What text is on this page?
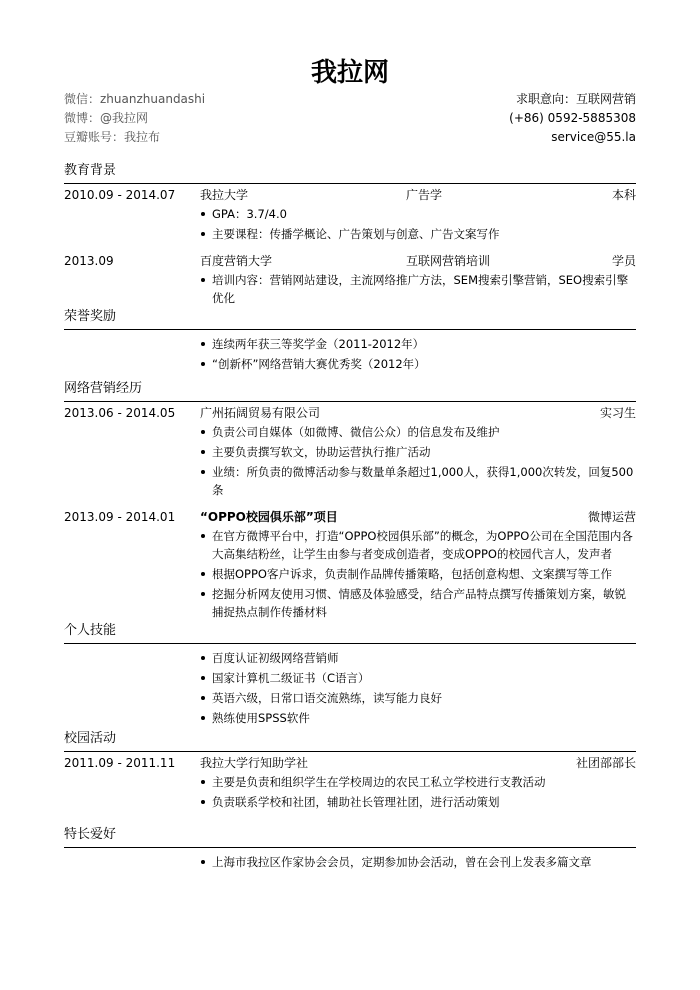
我拉网
微信：zhuanzhuandashi
微博：@我拉网
豆瓣账号：我拉布
求职意向：互联网营销
(+86) 0592-5885308
service@55.la
教育背景
2010.09 - 2014.07 我拉大学	广告学	本科
GPA：3.7/4.0
主要课程：传播学概论、广告策划与创意、广告文案写作
2013.09	百度营销大学	互联网营销培训	学员
培训内容：营销网站建设，主流网络推广方法，SEM搜索引擎营销，SEO搜索引擎优化
荣誉奖励
连续两年获三等奖学金（2011-2012年）
“创新杯”网络营销大赛优秀奖（2012年）
网络营销经历
2013.06 - 2014.05 广州拓阔贸易有限公司	实习生
负责公司自媒体（如微博、微信公众）的信息发布及维护
主要负责撰写软文，协助运营执行推广活动
业绩：所负责的微博活动参与数量单条超过1,000人，获得1,000次转发，回复500条
2013.09 - 2014.01 “OPPO校园俱乐部”项目	微博运营
在官方微博平台中，打造“OPPO校园俱乐部”的概念，为OPPO公司在全国范围内各大高集结粉丝，让学生由参与者变成创造者，变成OPPO的校园代言人，发声者
根据OPPO客户诉求，负责制作品牌传播策略，包括创意构想、文案撰写等工作
挖掘分析网友使用习惯、情感及体验感受，结合产品特点撰写传播策划方案，敏锐捕捉热点制作传播材料
个人技能
百度认证初级网络营销师
国家计算机二级证书（C语言）
英语六级，日常口语交流熟练，读写能力良好
熟练使用SPSS软件
校园活动
2011.09 - 2011.11 我拉大学行知助学社	社团部部长
主要是负责和组织学生在学校周边的农民工私立学校进行支教活动
负责联系学校和社团，辅助社长管理社团，进行活动策划
特长爱好
上海市我拉区作家协会会员，定期参加协会活动，曾在会刊上发表多篇文章
